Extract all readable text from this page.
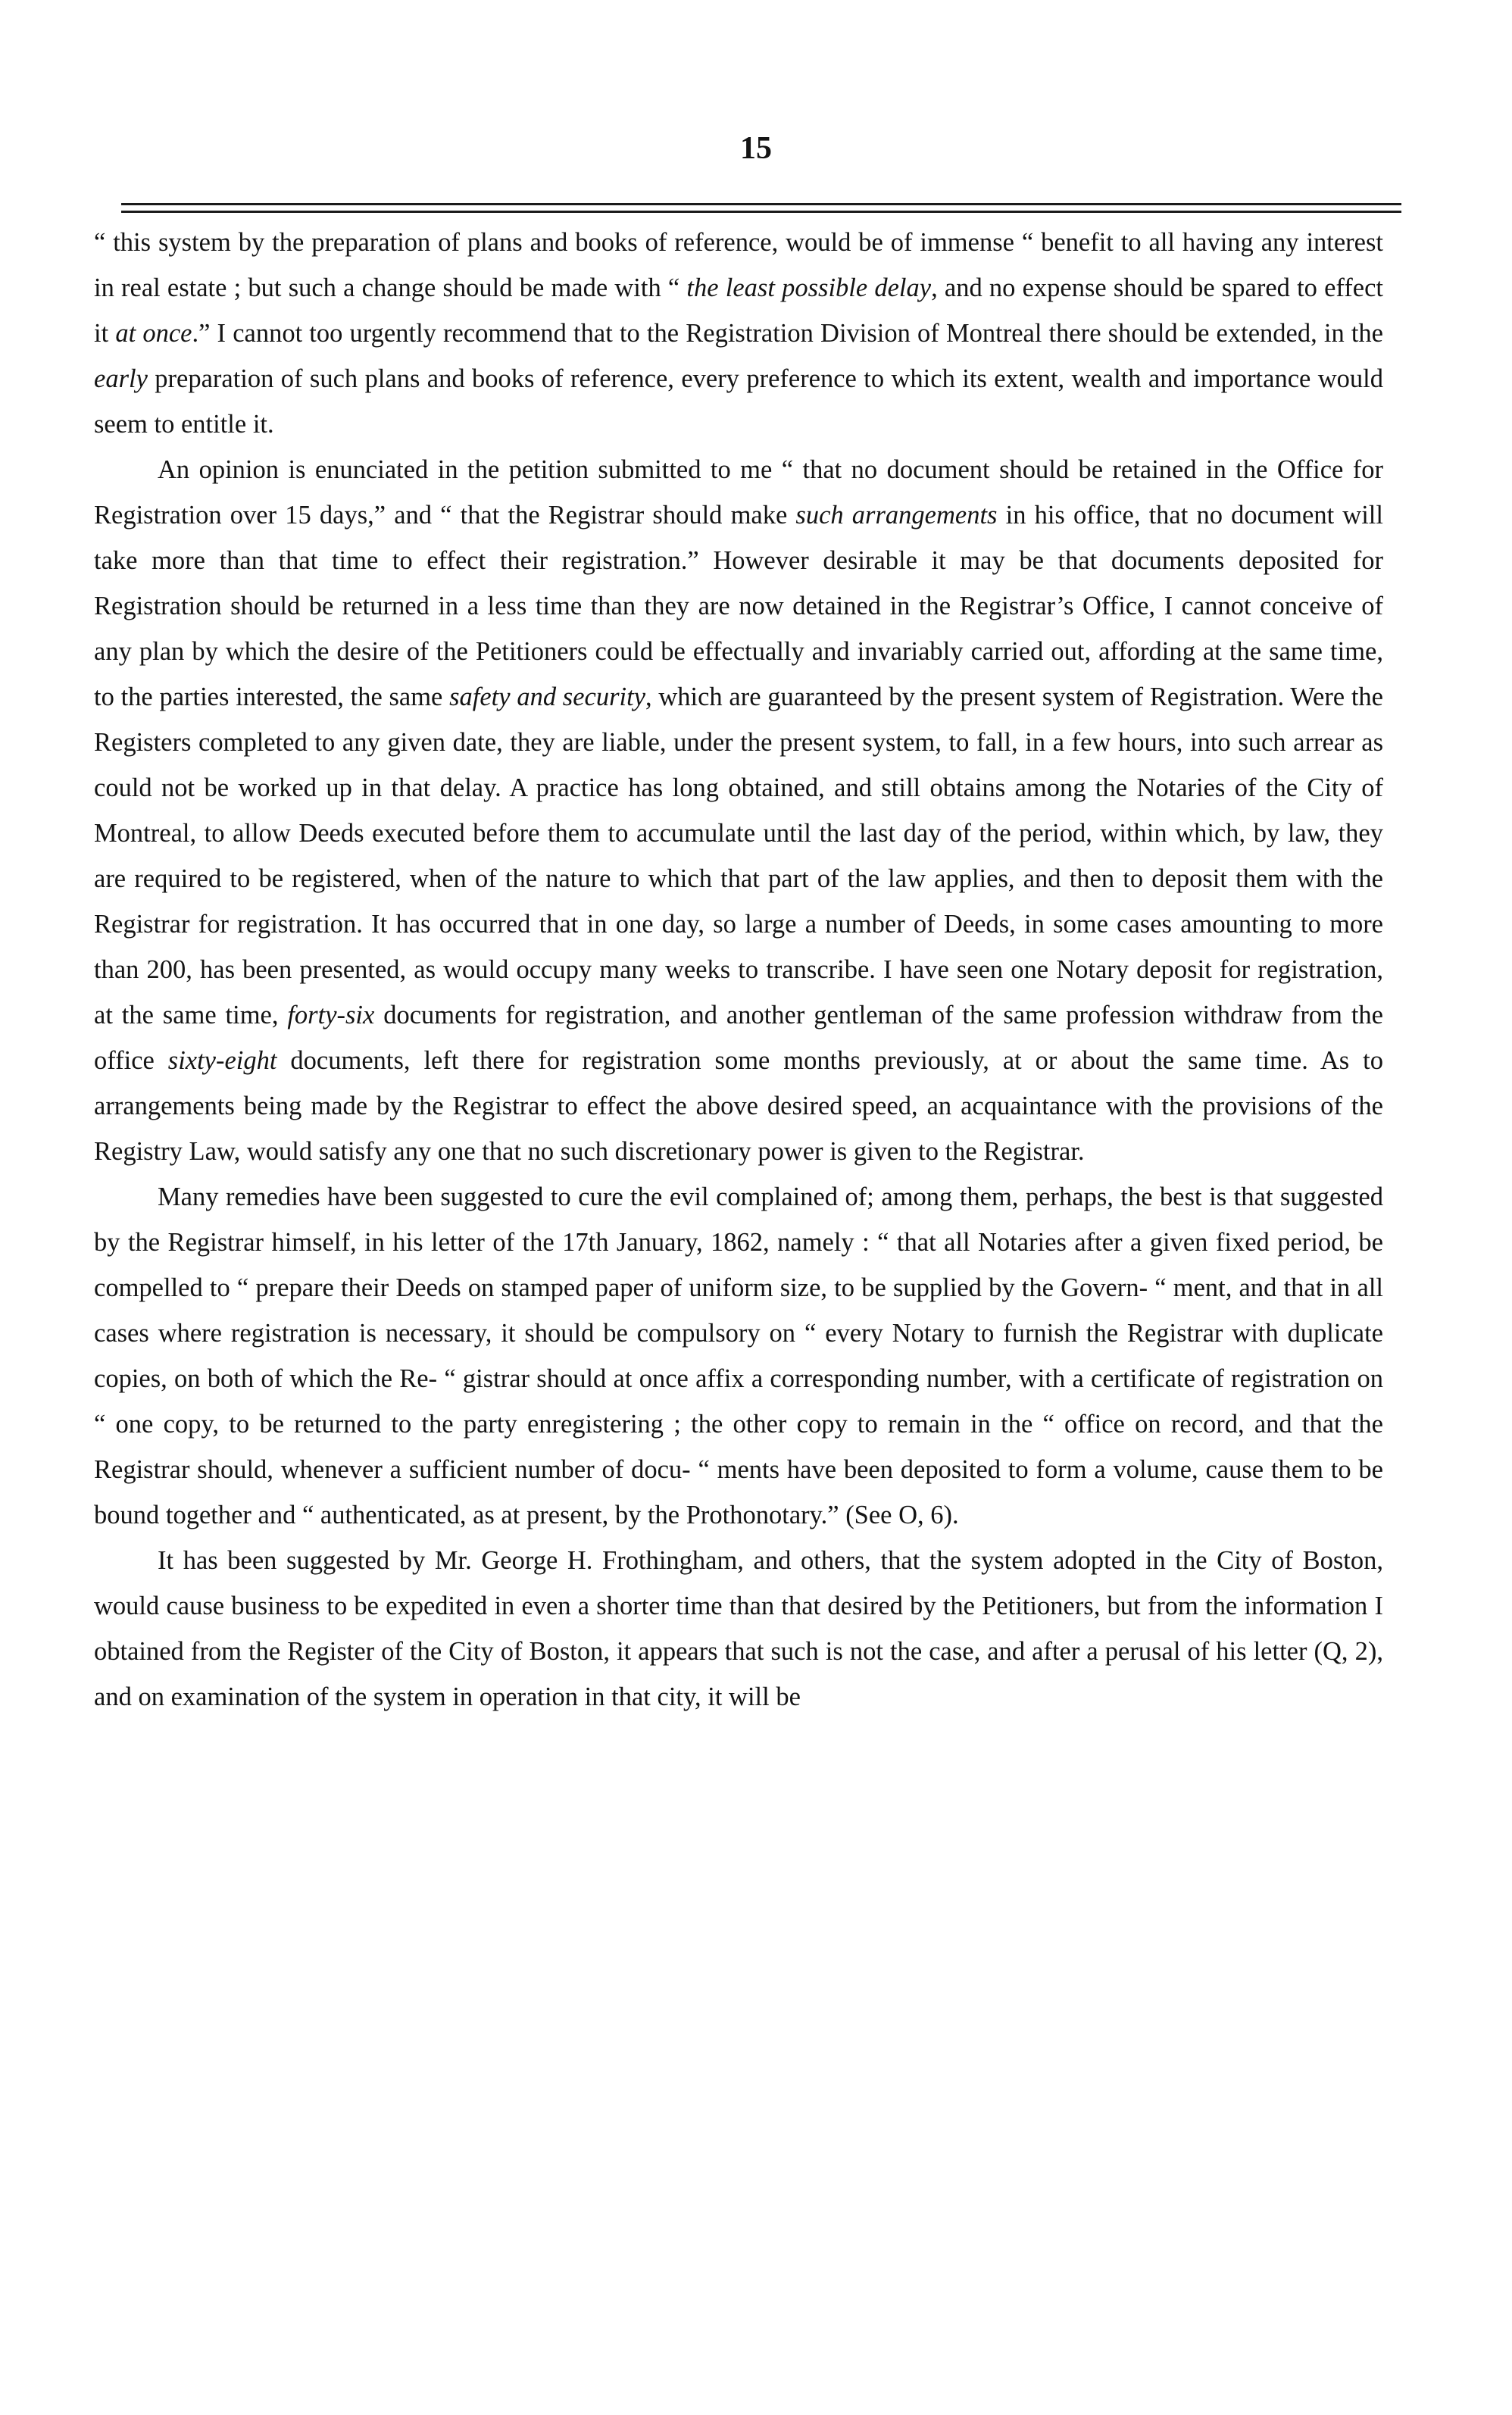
15

“ this system by the preparation of plans and books of reference, would be of immense “ benefit to all having any interest in real estate ; but such a change should be made with “ the least possible delay, and no expense should be spared to effect it at once.” I cannot too urgently recommend that to the Registration Division of Montreal there should be extended, in the early preparation of such plans and books of reference, every preference to which its extent, wealth and importance would seem to entitle it.

An opinion is enunciated in the petition submitted to me “ that no document should be retained in the Office for Registration over 15 days,” and “ that the Registrar should make such arrangements in his office, that no document will take more than that time to effect their registration.” However desirable it may be that documents deposited for Registration should be returned in a less time than they are now detained in the Registrar’s Office, I cannot conceive of any plan by which the desire of the Petitioners could be effectually and invariably carried out, affording at the same time, to the parties interested, the same safety and security, which are guaranteed by the present system of Registration. Were the Registers completed to any given date, they are liable, under the present system, to fall, in a few hours, into such arrear as could not be worked up in that delay. A practice has long obtained, and still obtains among the Notaries of the City of Montreal, to allow Deeds executed before them to accumulate until the last day of the period, within which, by law, they are required to be registered, when of the nature to which that part of the law applies, and then to deposit them with the Registrar for registration. It has occurred that in one day, so large a number of Deeds, in some cases amounting to more than 200, has been presented, as would occupy many weeks to transcribe. I have seen one Notary deposit for registration, at the same time, forty-six documents for registration, and another gentleman of the same profession withdraw from the office sixty-eight documents, left there for registration some months previously, at or about the same time. As to arrangements being made by the Registrar to effect the above desired speed, an acquaintance with the provisions of the Registry Law, would satisfy any one that no such discretionary power is given to the Registrar.

Many remedies have been suggested to cure the evil complained of; among them, perhaps, the best is that suggested by the Registrar himself, in his letter of the 17th January, 1862, namely : “ that all Notaries after a given fixed period, be compelled to “ prepare their Deeds on stamped paper of uniform size, to be supplied by the Govern- “ ment, and that in all cases where registration is necessary, it should be compulsory on “ every Notary to furnish the Registrar with duplicate copies, on both of which the Re- “ gistrar should at once affix a corresponding number, with a certificate of registration on “ one copy, to be returned to the party enregistering ; the other copy to remain in the “ office on record, and that the Registrar should, whenever a sufficient number of docu- “ ments have been deposited to form a volume, cause them to be bound together and “ authenticated, as at present, by the Prothonotary.” (See O, 6).

It has been suggested by Mr. George H. Frothingham, and others, that the system adopted in the City of Boston, would cause business to be expedited in even a shorter time than that desired by the Petitioners, but from the information I obtained from the Register of the City of Boston, it appears that such is not the case, and after a perusal of his letter (Q, 2), and on examination of the system in operation in that city, it will be
